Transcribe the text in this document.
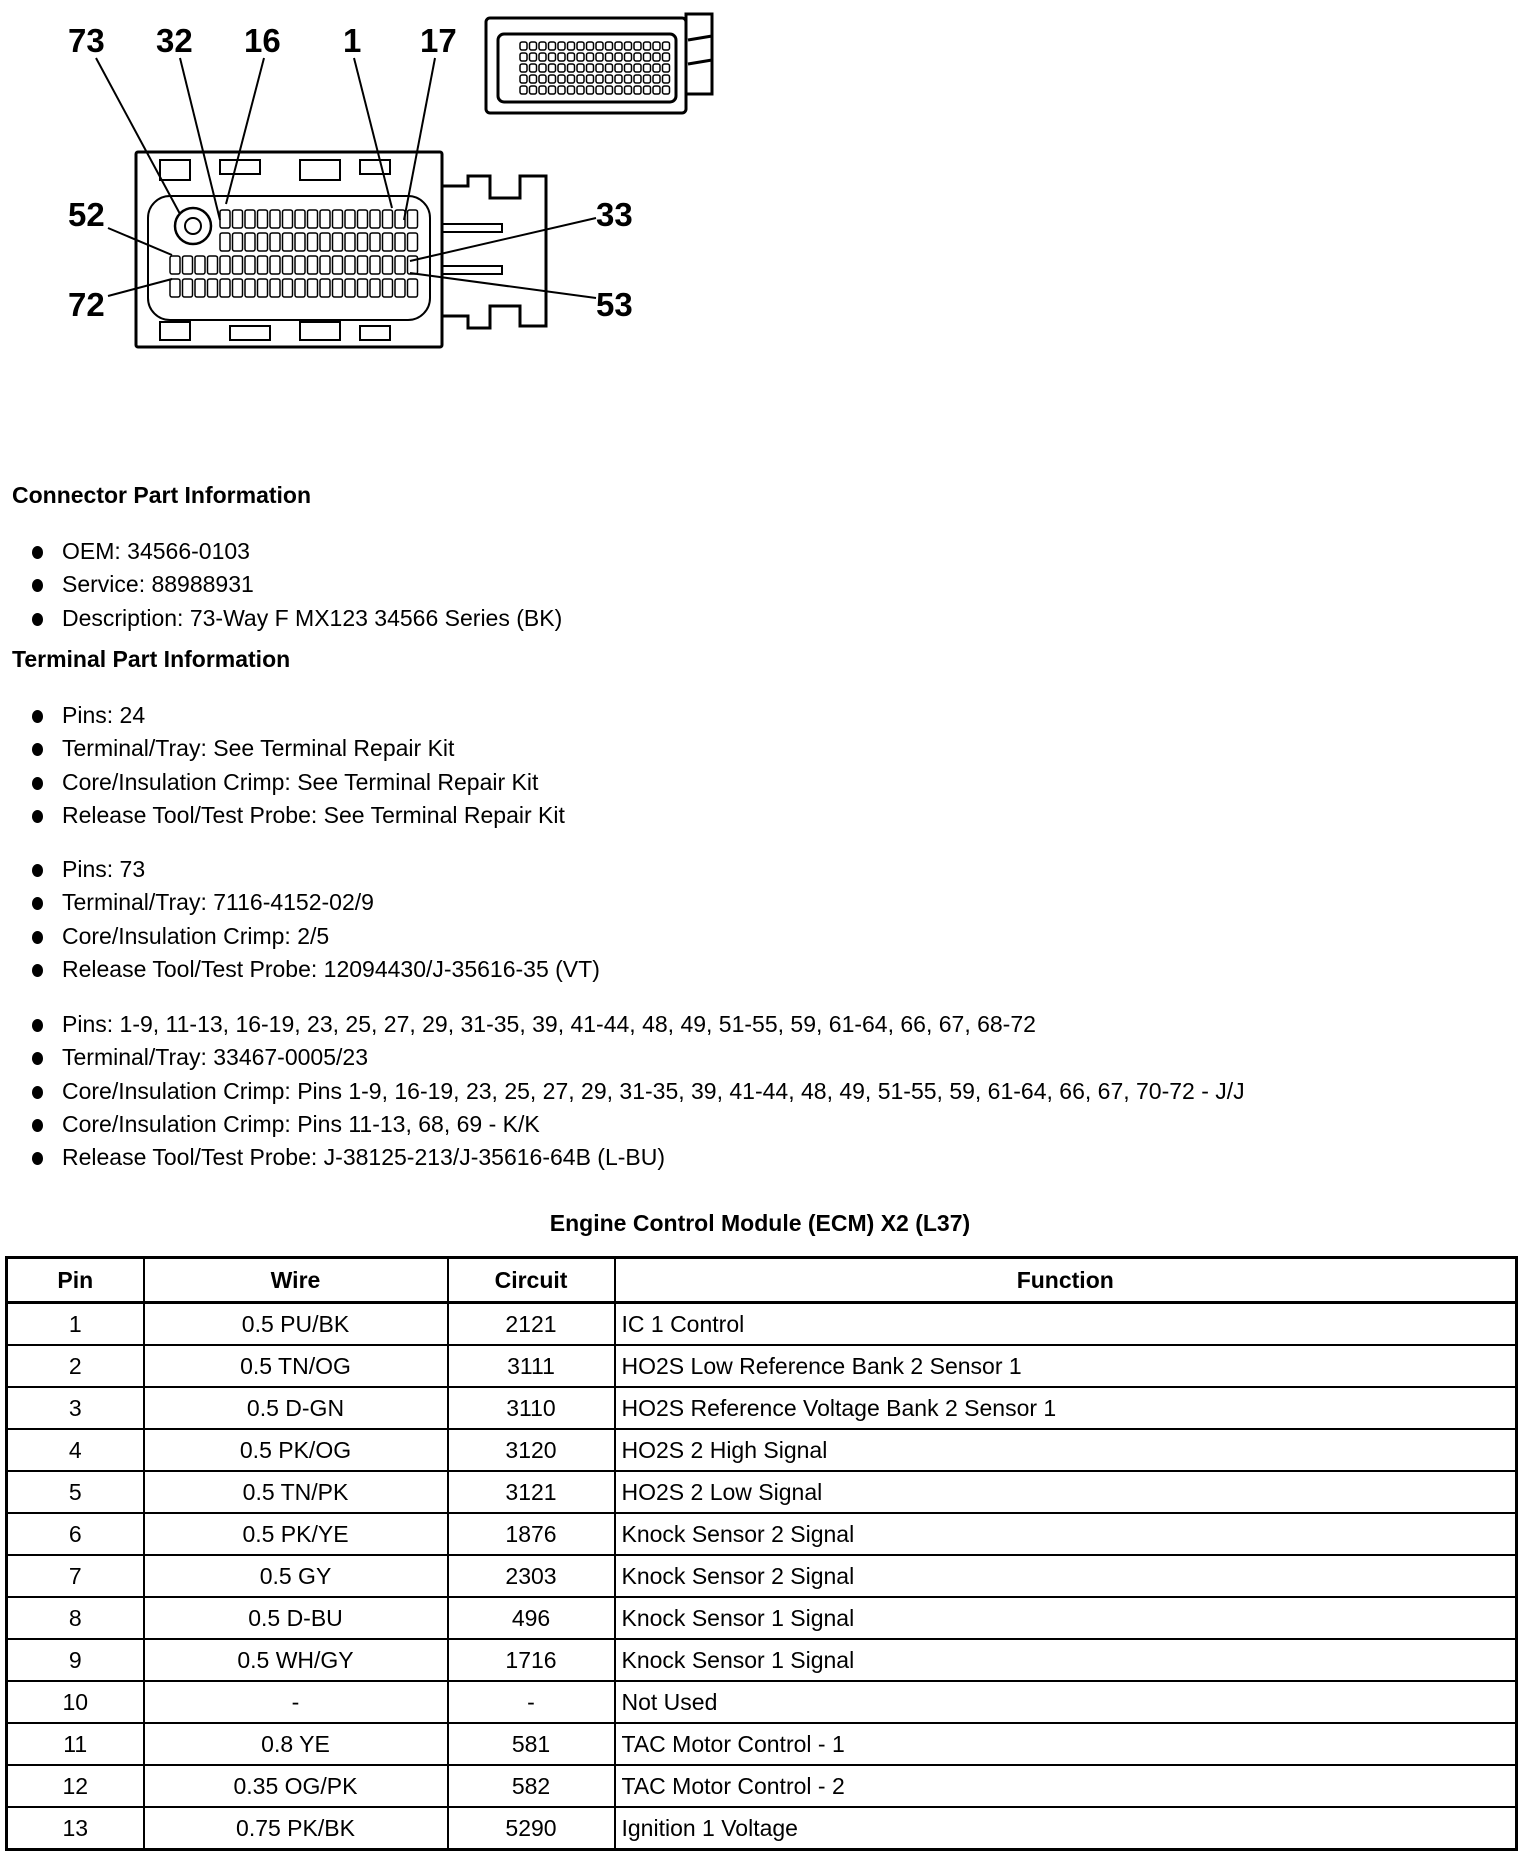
73 32 16 1 17
52
72
33
53
Connector Part Information
OEM: 34566-0103
Service: 88988931
Description: 73-Way F MX123 34566 Series (BK)
Terminal Part Information
Pins: 24
Terminal/Tray: See Terminal Repair Kit
Core/Insulation Crimp: See Terminal Repair Kit
Release Tool/Test Probe: See Terminal Repair Kit
Pins: 73
Terminal/Tray: 7116-4152-02/9
Core/Insulation Crimp: 2/5
Release Tool/Test Probe: 12094430/J-35616-35 (VT)
Pins: 1-9, 11-13, 16-19, 23, 25, 27, 29, 31-35, 39, 41-44, 48, 49, 51-55, 59, 61-64, 66, 67, 68-72
Terminal/Tray: 33467-0005/23
Core/Insulation Crimp: Pins 1-9, 16-19, 23, 25, 27, 29, 31-35, 39, 41-44, 48, 49, 51-55, 59, 61-64, 66, 67, 70-72 - J/J
Core/Insulation Crimp: Pins 11-13, 68, 69 - K/K
Release Tool/Test Probe: J-38125-213/J-35616-64B (L-BU)
Engine Control Module (ECM) X2 (L37)
Pin	Wire	Circuit	Function
1	0.5 PU/BK	2121	IC 1 Control
2	0.5 TN/OG	3111	HO2S Low Reference Bank 2 Sensor 1
3	0.5 D-GN	3110	HO2S Reference Voltage Bank 2 Sensor 1
4	0.5 PK/OG	3120	HO2S 2 High Signal
5	0.5 TN/PK	3121	HO2S 2 Low Signal
6	0.5 PK/YE	1876	Knock Sensor 2 Signal
7	0.5 GY	2303	Knock Sensor 2 Signal
8	0.5 D-BU	496	Knock Sensor 1 Signal
9	0.5 WH/GY	1716	Knock Sensor 1 Signal
10	-	-	Not Used
11	0.8 YE	581	TAC Motor Control - 1
12	0.35 OG/PK	582	TAC Motor Control - 2
13	0.75 PK/BK	5290	Ignition 1 Voltage
